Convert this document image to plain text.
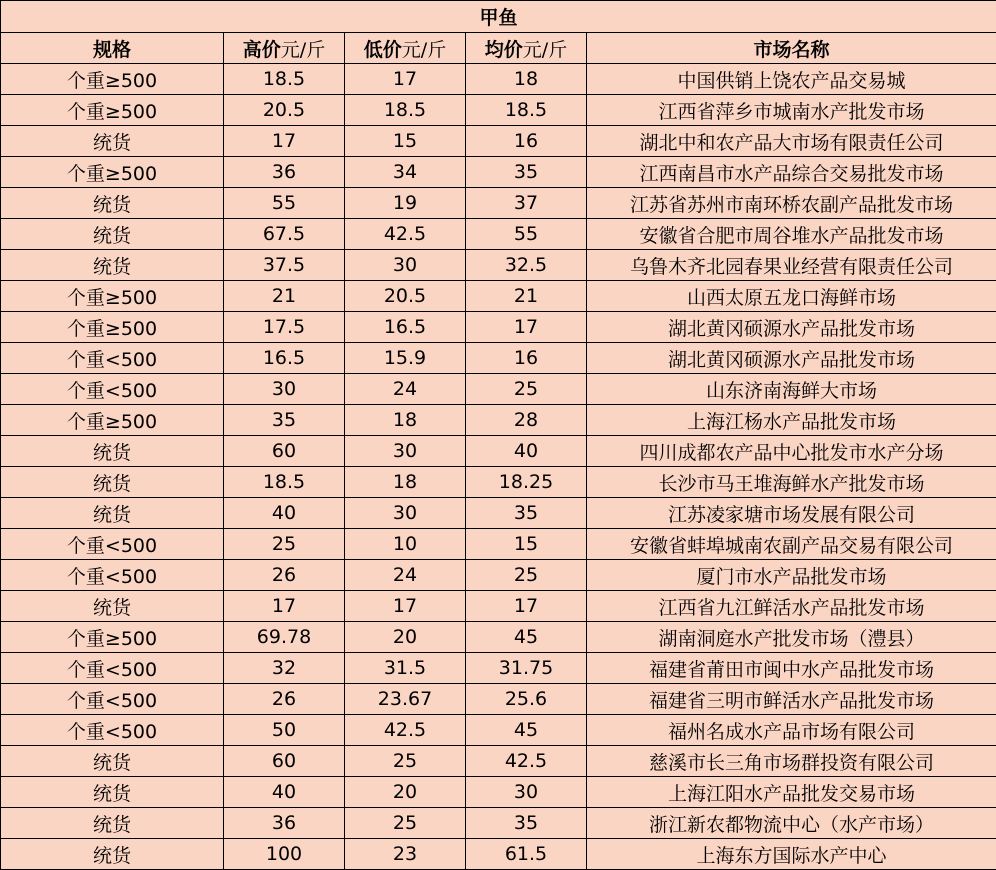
甲鱼				
规格	高价元/斤	低价元/斤	均价元/斤	市场名称
个重≥500	18.5	17	18	中国供销上饶农产品交易城
个重≥500	20.5	18.5	18.5	江西省萍乡市城南水产批发市场
统货	17	15	16	湖北中和农产品大市场有限责任公司
个重≥500	36	34	35	江西南昌市水产品综合交易批发市场
统货	55	19	37	江苏省苏州市南环桥农副产品批发市场
统货	67.5	42.5	55	安徽省合肥市周谷堆水产品批发市场
统货	37.5	30	32.5	乌鲁木齐北园春果业经营有限责任公司
个重≥500	21	20.5	21	山西太原五龙口海鲜市场
个重≥500	17.5	16.5	17	湖北黄冈硕源水产品批发市场
个重<500	16.5	15.9	16	湖北黄冈硕源水产品批发市场
个重<500	30	24	25	山东济南海鲜大市场
个重≥500	35	18	28	上海江杨水产品批发市场
统货	60	30	40	四川成都农产品中心批发市水产分场
统货	18.5	18	18.25	长沙市马王堆海鲜水产批发市场
统货	40	30	35	江苏凌家塘市场发展有限公司
个重<500	25	10	15	安徽省蚌埠城南农副产品交易有限公司
个重<500	26	24	25	厦门市水产品批发市场
统货	17	17	17	江西省九江鲜活水产品批发市场
个重≥500	69.78	20	45	湖南洞庭水产批发市场（澧县）
个重<500	32	31.5	31.75	福建省莆田市闽中水产品批发市场
个重<500	26	23.67	25.6	福建省三明市鲜活水产品批发市场
个重<500	50	42.5	45	福州名成水产品市场有限公司
统货	60	25	42.5	慈溪市长三角市场群投资有限公司
统货	40	20	30	上海江阳水产品批发交易市场
统货	36	25	35	浙江新农都物流中心（水产市场）
统货	100	23	61.5	上海东方国际水产中心
